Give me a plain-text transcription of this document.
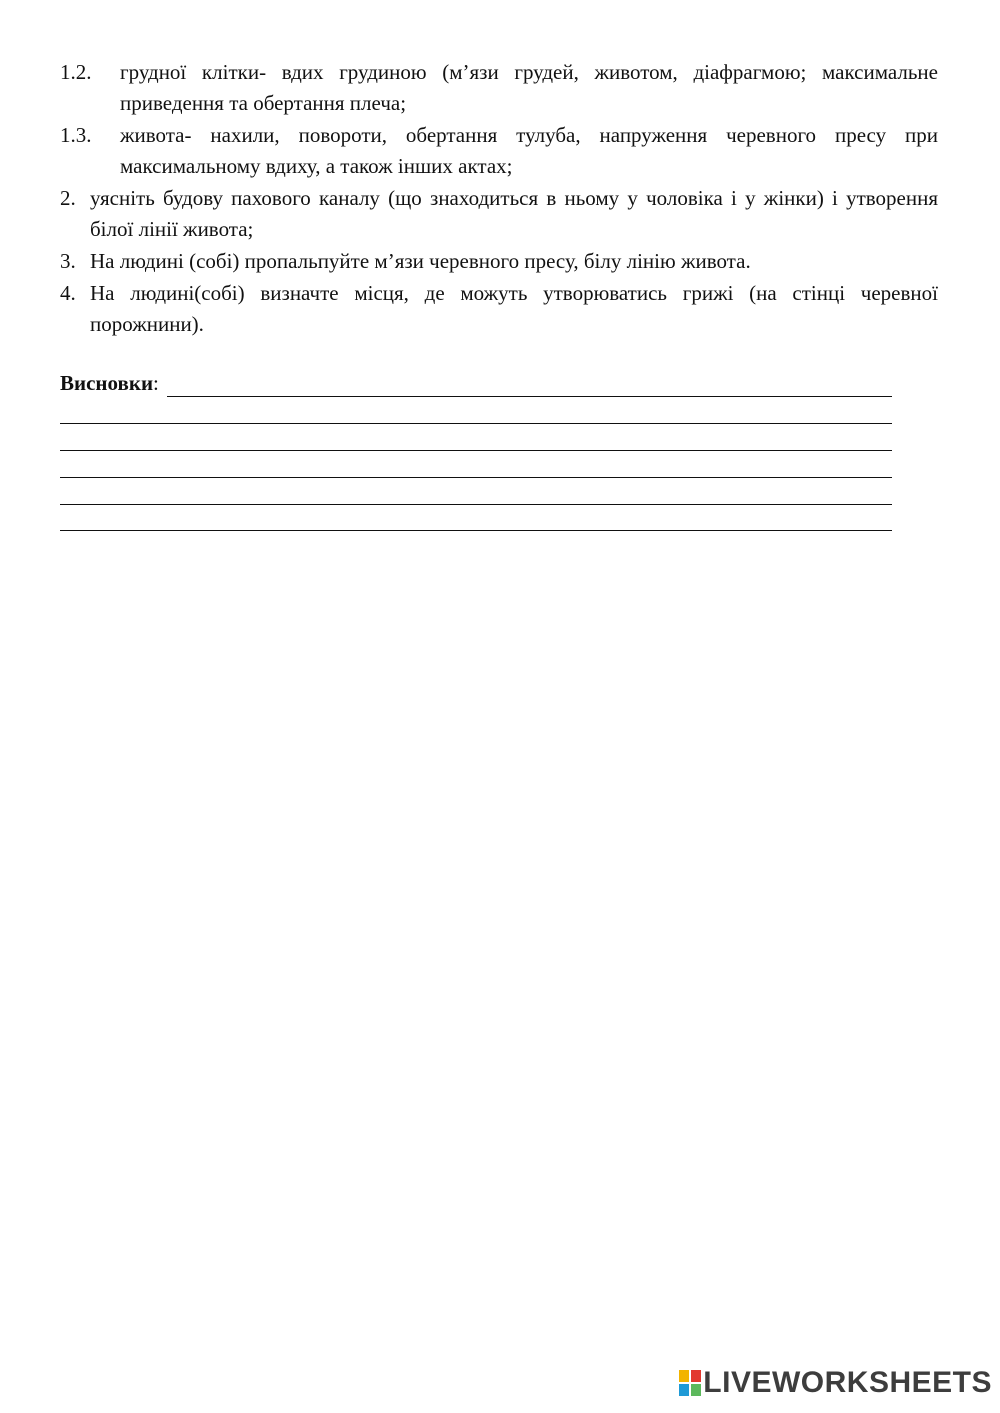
1.2.	грудної клітки- вдих грудиною (м’язи грудей, животом, діафрагмою; максимальне приведення та обертання плеча;
1.3.	живота- нахили, повороти, обертання тулуба, напруження черевного пресу при максимальному вдиху, а також інших актах;
2. уясніть будову пахового каналу (що знаходиться в ньому у чоловіка і у жінки) і утворення білої лінії живота;
3. На людині (собі) пропальпуйте м’язи черевного пресу, білу лінію живота.
4. На людині(собі) визначте місця, де можуть утворюватись грижі (на стінці черевної порожнини).
Висновки :
LIVEWORKSHEETS
